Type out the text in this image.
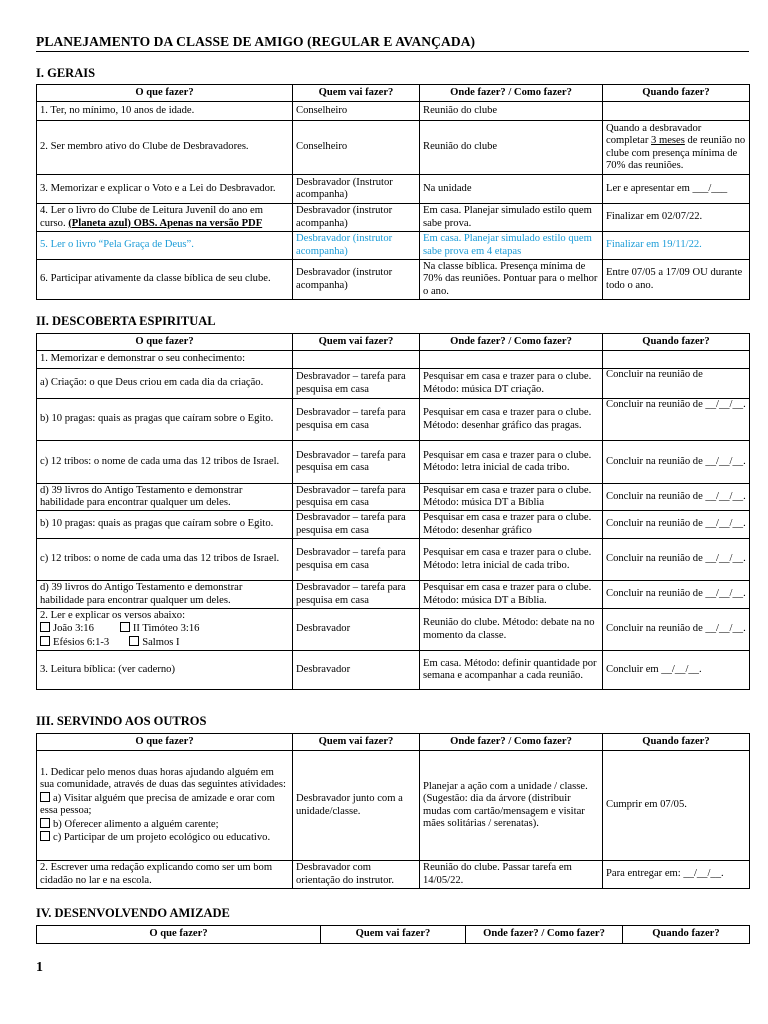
PLANEJAMENTO DA CLASSE DE AMIGO (REGULAR E AVANÇADA)
I. GERAIS
O que fazer?	Quem vai fazer?	Onde fazer? / Como fazer?	Quando fazer?
1. Ter, no mínimo, 10 anos de idade.	Conselheiro	Reunião do clube	
2. Ser membro ativo do Clube de Desbravadores.	Conselheiro	Reunião do clube	Quando a desbravador completar 3 meses de reunião no clube com presença mínima de 70% das reuniões.
3. Memorizar e explicar o Voto e a Lei do Desbravador.	Desbravador (Instrutor acompanha)	Na unidade	Ler e apresentar em ___/___
4. Ler o livro do Clube de Leitura Juvenil do ano em curso. (Planeta azul) OBS. Apenas na versão PDF	Desbravador (instrutor acompanha)	Em casa. Planejar simulado estilo quem sabe prova.	Finalizar em 02/07/22.
5. Ler o livro “Pela Graça de Deus”.	Desbravador (instrutor acompanha)	Em casa. Planejar simulado estilo quem sabe prova em 4 etapas	Finalizar em 19/11/22.
6. Participar ativamente da classe bíblica de seu clube.	Desbravador (instrutor acompanha)	Na classe bíblica. Presença mínima de 70% das reuniões. Pontuar para o melhor o ano.	Entre 07/05 a 17/09 OU durante todo o ano.
II. DESCOBERTA ESPIRITUAL
O que fazer?	Quem vai fazer?	Onde fazer? / Como fazer?	Quando fazer?
1. Memorizar e demonstrar o seu conhecimento:			
a) Criação: o que Deus criou em cada dia da criação.	Desbravador – tarefa para pesquisa em casa	Pesquisar em casa e trazer para o clube. Método: música DT criação.	Concluir na reunião de
b) 10 pragas: quais as pragas que caíram sobre o Egito.	Desbravador – tarefa para pesquisa em casa	Pesquisar em casa e trazer para o clube. Método: desenhar gráfico das pragas.	Concluir na reunião de __/__/__.
c) 12 tribos: o nome de cada uma das 12 tribos de Israel.	Desbravador – tarefa para pesquisa em casa	Pesquisar em casa e trazer para o clube. Método: letra inicial de cada tribo.	Concluir na reunião de __/__/__.
d) 39 livros do Antigo Testamento e demonstrar habilidade para encontrar qualquer um deles.	Desbravador – tarefa para pesquisa em casa	Pesquisar em casa e trazer para o clube. Método: música DT a Bíblia	Concluir na reunião de __/__/__.
b) 10 pragas: quais as pragas que caíram sobre o Egito.	Desbravador – tarefa para pesquisa em casa	Pesquisar em casa e trazer para o clube. Método: desenhar gráfico	Concluir na reunião de __/__/__.
c) 12 tribos: o nome de cada uma das 12 tribos de Israel.	Desbravador – tarefa para pesquisa em casa	Pesquisar em casa e trazer para o clube. Método: letra inicial de cada tribo.	Concluir na reunião de __/__/__.
d) 39 livros do Antigo Testamento e demonstrar habilidade para encontrar qualquer um deles.	Desbravador – tarefa para pesquisa em casa	Pesquisar em casa e trazer para o clube. Método: música DT a Bíblia.	Concluir na reunião de __/__/__.

2. Ler e explicar os versos abaixo:
João 3:16 II Timóteo 3:16
Efésios 6:1-3 Salmos I	Desbravador	Reunião do clube. Método: debate na no momento da classe.	Concluir na reunião de __/__/__.
3. Leitura bíblica: (ver caderno)	Desbravador	Em casa. Método: definir quantidade por semana e acompanhar a cada reunião.	Concluir em __/__/__.
III. SERVINDO AOS OUTROS
O que fazer?	Quem vai fazer?	Onde fazer? / Como fazer?	Quando fazer?

1. Dedicar pelo menos duas horas ajudando alguém em sua comunidade, através de duas das seguintes atividades:
a) Visitar alguém que precisa de amizade e orar com essa pessoa;
b) Oferecer alimento a alguém carente;
c) Participar de um projeto ecológico ou educativo.	Desbravador junto com a unidade/classe.	Planejar a ação com a unidade / classe. (Sugestão: dia da árvore (distribuir mudas com cartão/mensagem e visitar mães solitárias / serenatas).	Cumprir em 07/05.
2. Escrever uma redação explicando como ser um bom cidadão no lar e na escola.	Desbravador com orientação do instrutor.	Reunião do clube. Passar tarefa em 14/05/22.	Para entregar em: __/__/__.
IV. DESENVOLVENDO AMIZADE
O que fazer?	Quem vai fazer?	Onde fazer? / Como fazer?	Quando fazer?
1
